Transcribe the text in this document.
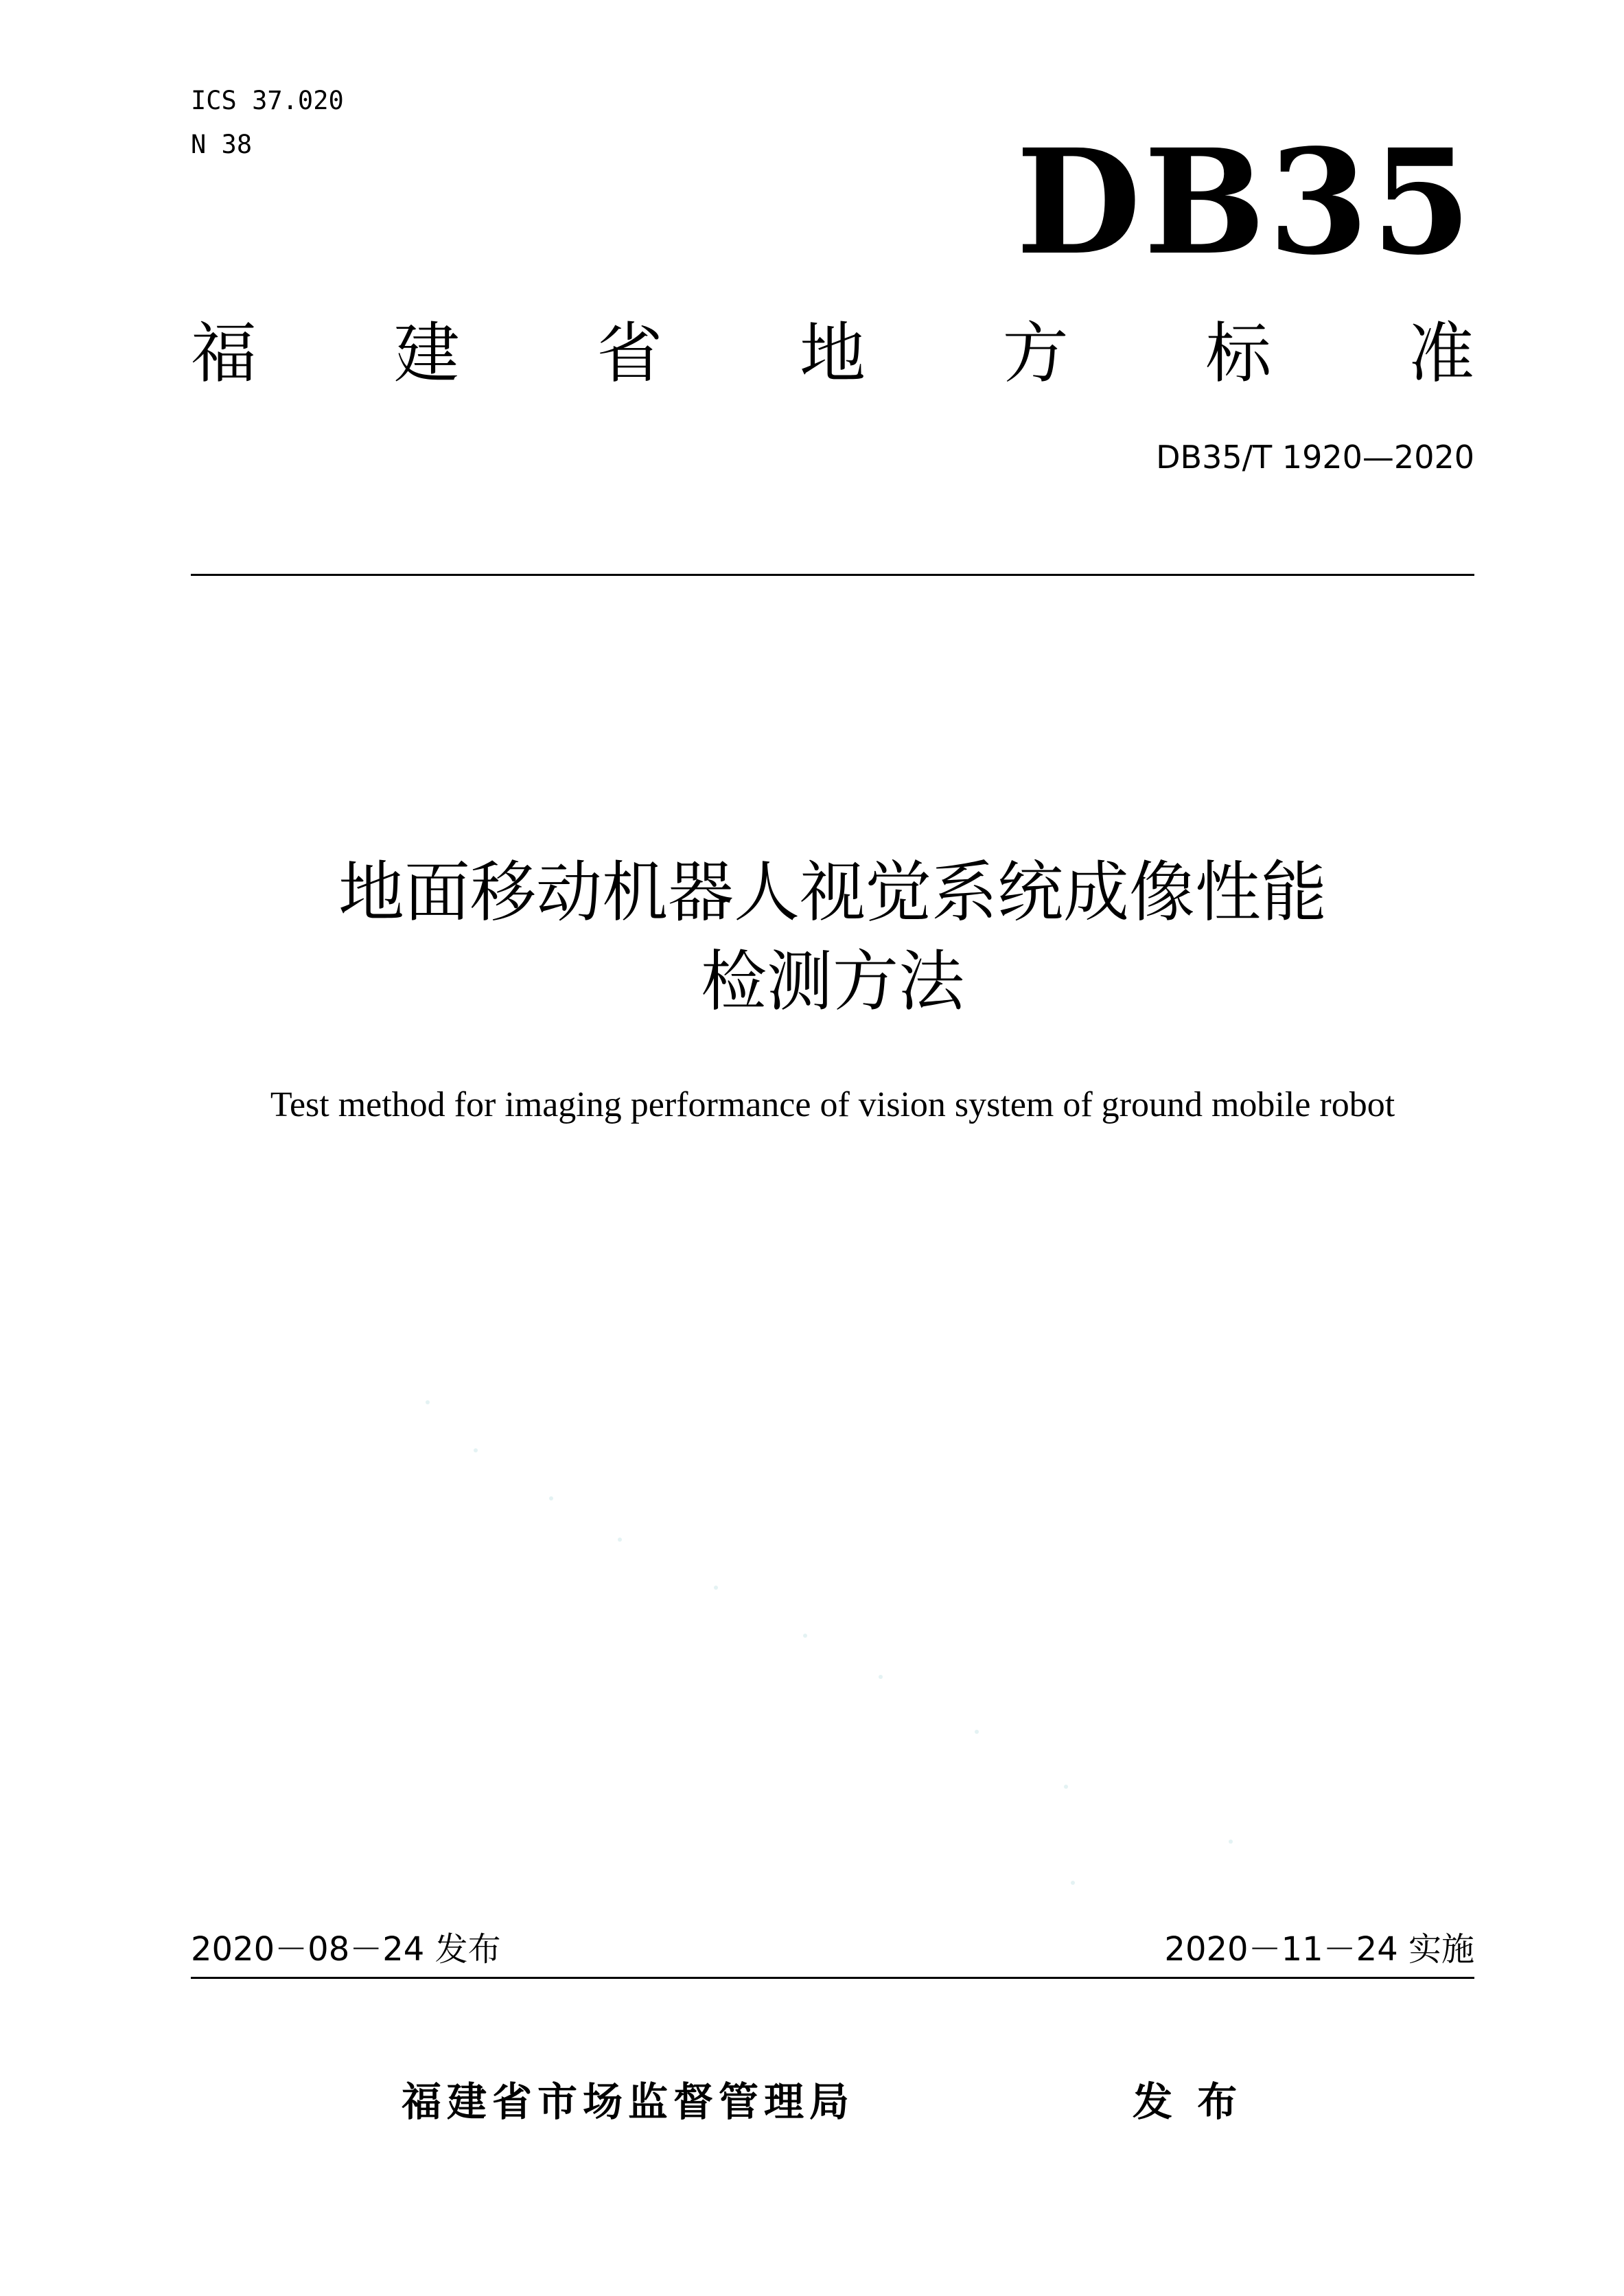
ICS 37.020
N 38	DB35
福 建 省 地 方 标 准
DB35/T 1920—2020
地面移动机器人视觉系统成像性能
检测方法
Test method for imaging performance of vision system of ground mobile robot
2020－08－24 发布	2020－11－24 实施
福建省市场监督管理局	发 布
